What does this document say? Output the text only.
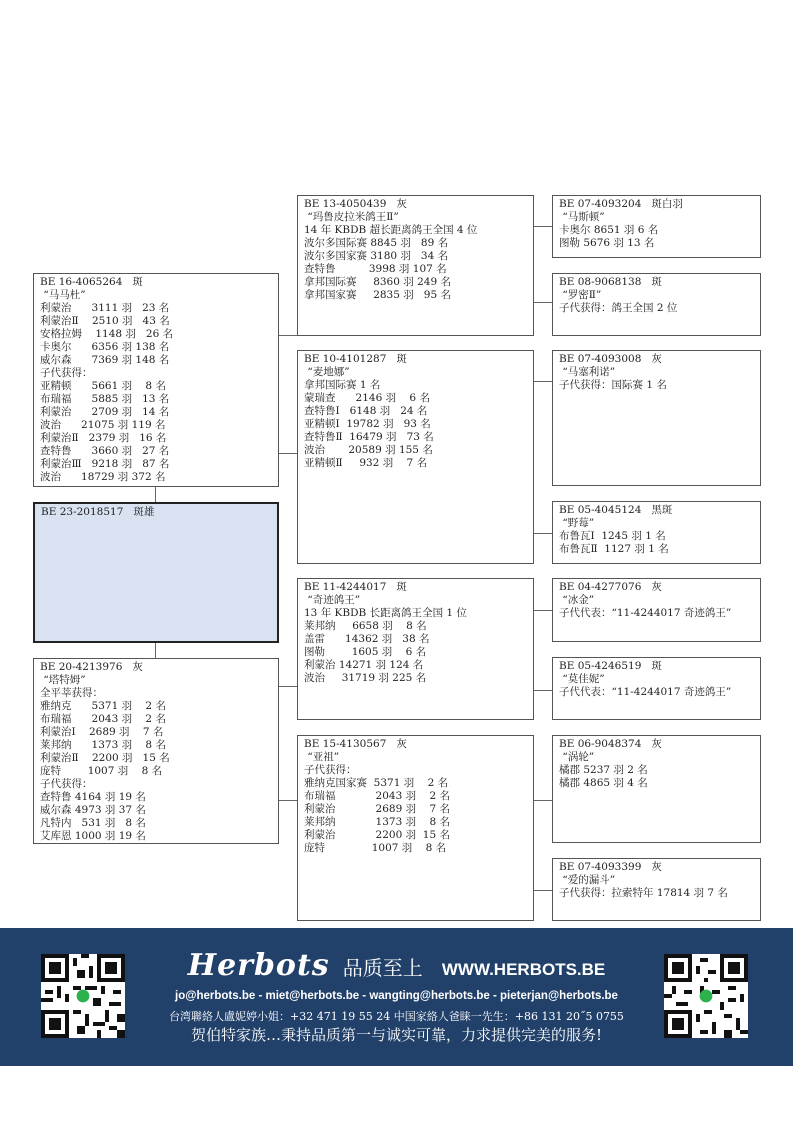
BE 16-4065264   斑
“马马杜”
利蒙治      3111 羽   23 名
利蒙治Ⅱ    2510 羽   43 名
安格拉姆    1148 羽   26 名
卡奥尔      6356 羽 138 名
威尔森      7369 羽 148 名
子代获得：
亚精顿      5661 羽    8 名
布瑞福      5885 羽   13 名
利蒙治      2709 羽   14 名
波治      21075 羽 119 名
利蒙治Ⅱ   2379 羽   16 名
查特鲁      3660 羽   27 名
利蒙治Ⅲ   9218 羽   87 名
波治      18729 羽 372 名
BE 23-2018517   斑雄
BE 20-4213976   灰
“塔特姆”
全平莘获得：
雅纳克      5371 羽    2 名
布瑞福      2043 羽    2 名
利蒙治Ⅰ    2689 羽    7 名
莱邦纳      1373 羽    8 名
利蒙治Ⅱ    2200 羽   15 名
庞特        1007 羽    8 名
子代获得：
查特鲁 4164 羽 19 名
威尔森 4973 羽 37 名
凡特内   531 羽   8 名
艾库恩 1000 羽 19 名
BE 13-4050439   灰
“玛鲁皮拉米鸽王Ⅱ”
14 年 KBDB 超长距离鸽王全国 4 位
波尔多国际赛 8845 羽   89 名
波尔多国家赛 3180 羽   34 名
查特鲁          3998 羽 107 名
拿邦国际赛     8360 羽 249 名
拿邦国家赛     2835 羽   95 名
BE 10-4101287   斑
“麦地娜”
拿邦国际赛 1 名
蒙瑞查      2146 羽    6 名
查特鲁Ⅰ   6148 羽   24 名
亚精顿Ⅰ  19782 羽   93 名
查特鲁Ⅱ  16479 羽   73 名
波治       20589 羽 155 名
亚精顿Ⅱ     932 羽    7 名
BE 11-4244017   斑
“奇迹鸽王”
13 年 KBDB 长距离鸽王全国 1 位
莱邦纳     6658 羽    8 名
盖雷      14362 羽   38 名
图勒        1605 羽    6 名
利蒙治 14271 羽 124 名
波治     31719 羽 225 名
BE 15-4130567   灰
“亚祖”
子代获得：
雅纳克国家赛  5371 羽    2 名
布瑞福            2043 羽    2 名
利蒙治            2689 羽    7 名
莱邦纳            1373 羽    8 名
利蒙治            2200 羽  15 名
庞特              1007 羽    8 名
BE 07-4093204   斑白羽
“马斯顿”
卡奥尔 8651 羽 6 名
图勒 5676 羽 13 名
BE 08-9068138   斑
“罗密Ⅱ”
子代获得：鸽王全国 2 位
BE 07-4093008   灰
“马塞利诺”
子代获得：国际赛 1 名
BE 05-4045124   黑斑
“野莓”
布鲁瓦Ⅰ  1245 羽 1 名
布鲁瓦Ⅱ  1127 羽 1 名
BE 04-4277076   灰
“冰金”
子代代表：“11-4244017 奇迹鸽王”
BE 05-4246519   斑
“莫佳妮”
子代代表：“11-4244017 奇迹鸽王”
BE 06-9048374   灰
“涡轮”
橘郡 5237 羽 2 名
橘郡 4865 羽 4 名
BE 07-4093399   灰
“爱的漏斗”
子代获得：拉索特年 17814 羽 7 名
Herbots 品质至上 WWW.HERBOTS.BE
jo@herbots.be - miet@herbots.be - wangting@herbots.be - pieterjan@herbots.be
台湾聯絡人盧妮婷小姐：+32 471 19 55 24 中国家絡人爸睐一先生：+86 131 20˝5 0755
贺伯特家族…秉持品质第一与诚实可靠，力求提供完美的服务!
